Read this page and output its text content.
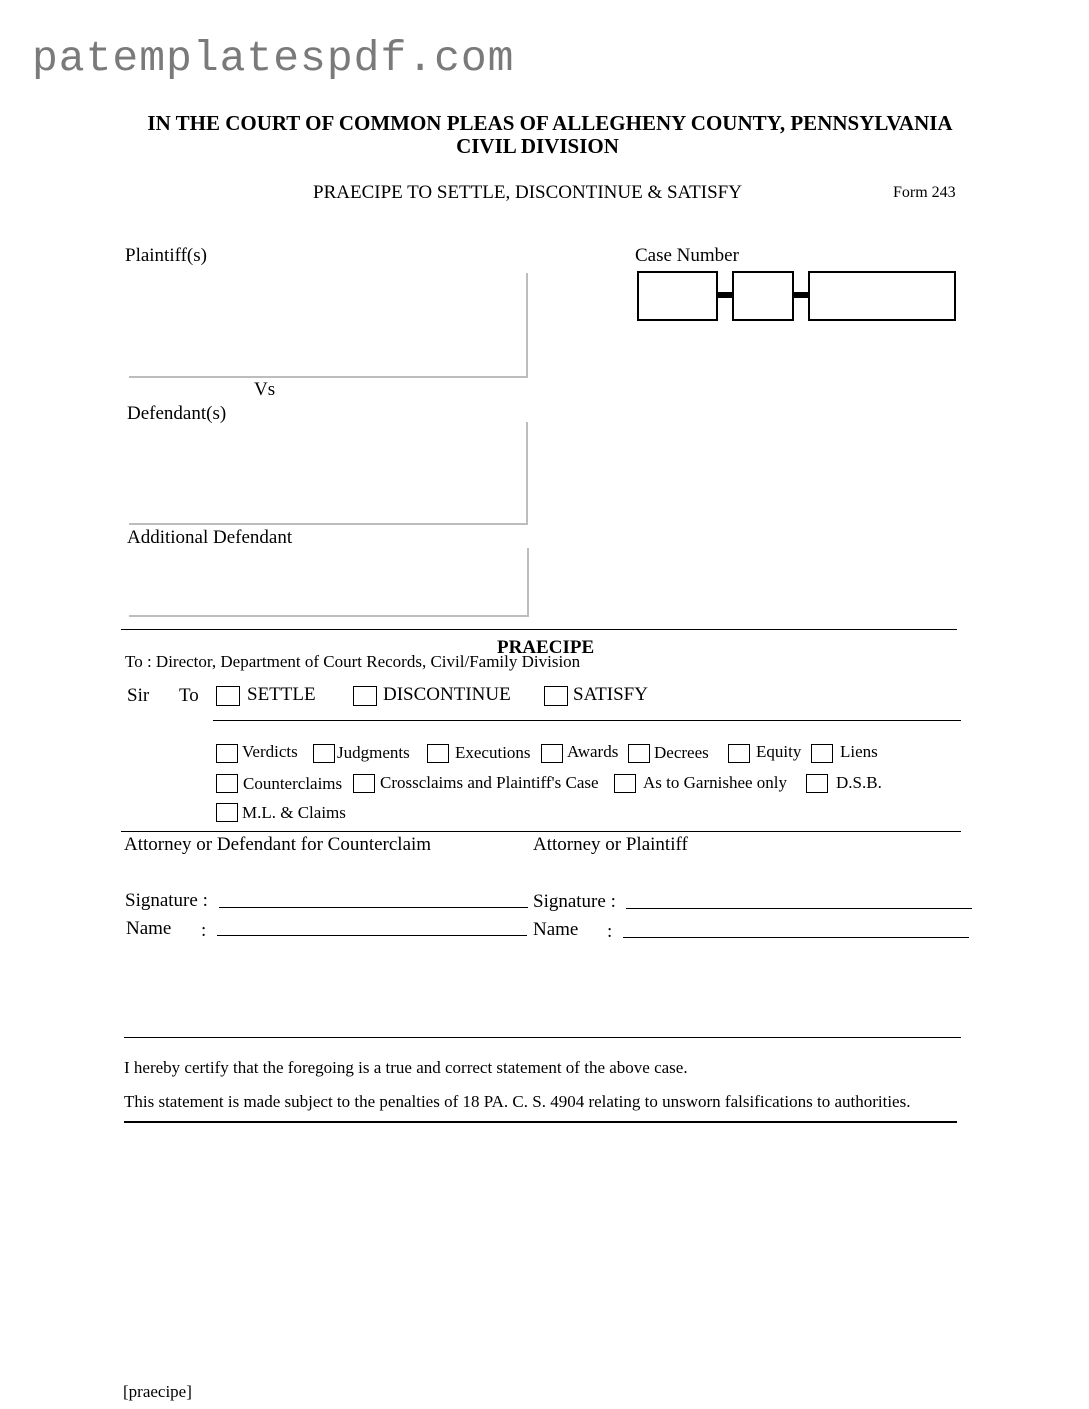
patemplatespdf.com
IN THE COURT OF COMMON PLEAS OF ALLEGHENY COUNTY, PENNSYLVANIA
CIVIL DIVISION
PRAECIPE TO SETTLE, DISCONTINUE & SATISFY	Form 243
Plaintiff(s)
Vs
Defendant(s)
Additional Defendant
Case Number
PRAECIPE
To : Director, Department of Court Records, Civil/Family Division
Sir To	SETTLE	DISCONTINUE	SATISFY
Verdicts Judgments	Executions Awards Decrees	Equity Liens
Counterclaims Crossclaims and Plaintiff's Case	As to Garnishee only	D.S.B.
M.L. & Claims
Attorney or Defendant for Counterclaim	Attorney or Plaintiff
Signature :
Name :
Signature :
Name :
I hereby certify that the foregoing is a true and correct statement of the above case.
This statement is made subject to the penalties of 18 PA. C. S. 4904 relating to unsworn falsifications to authorities.
[praecipe]
